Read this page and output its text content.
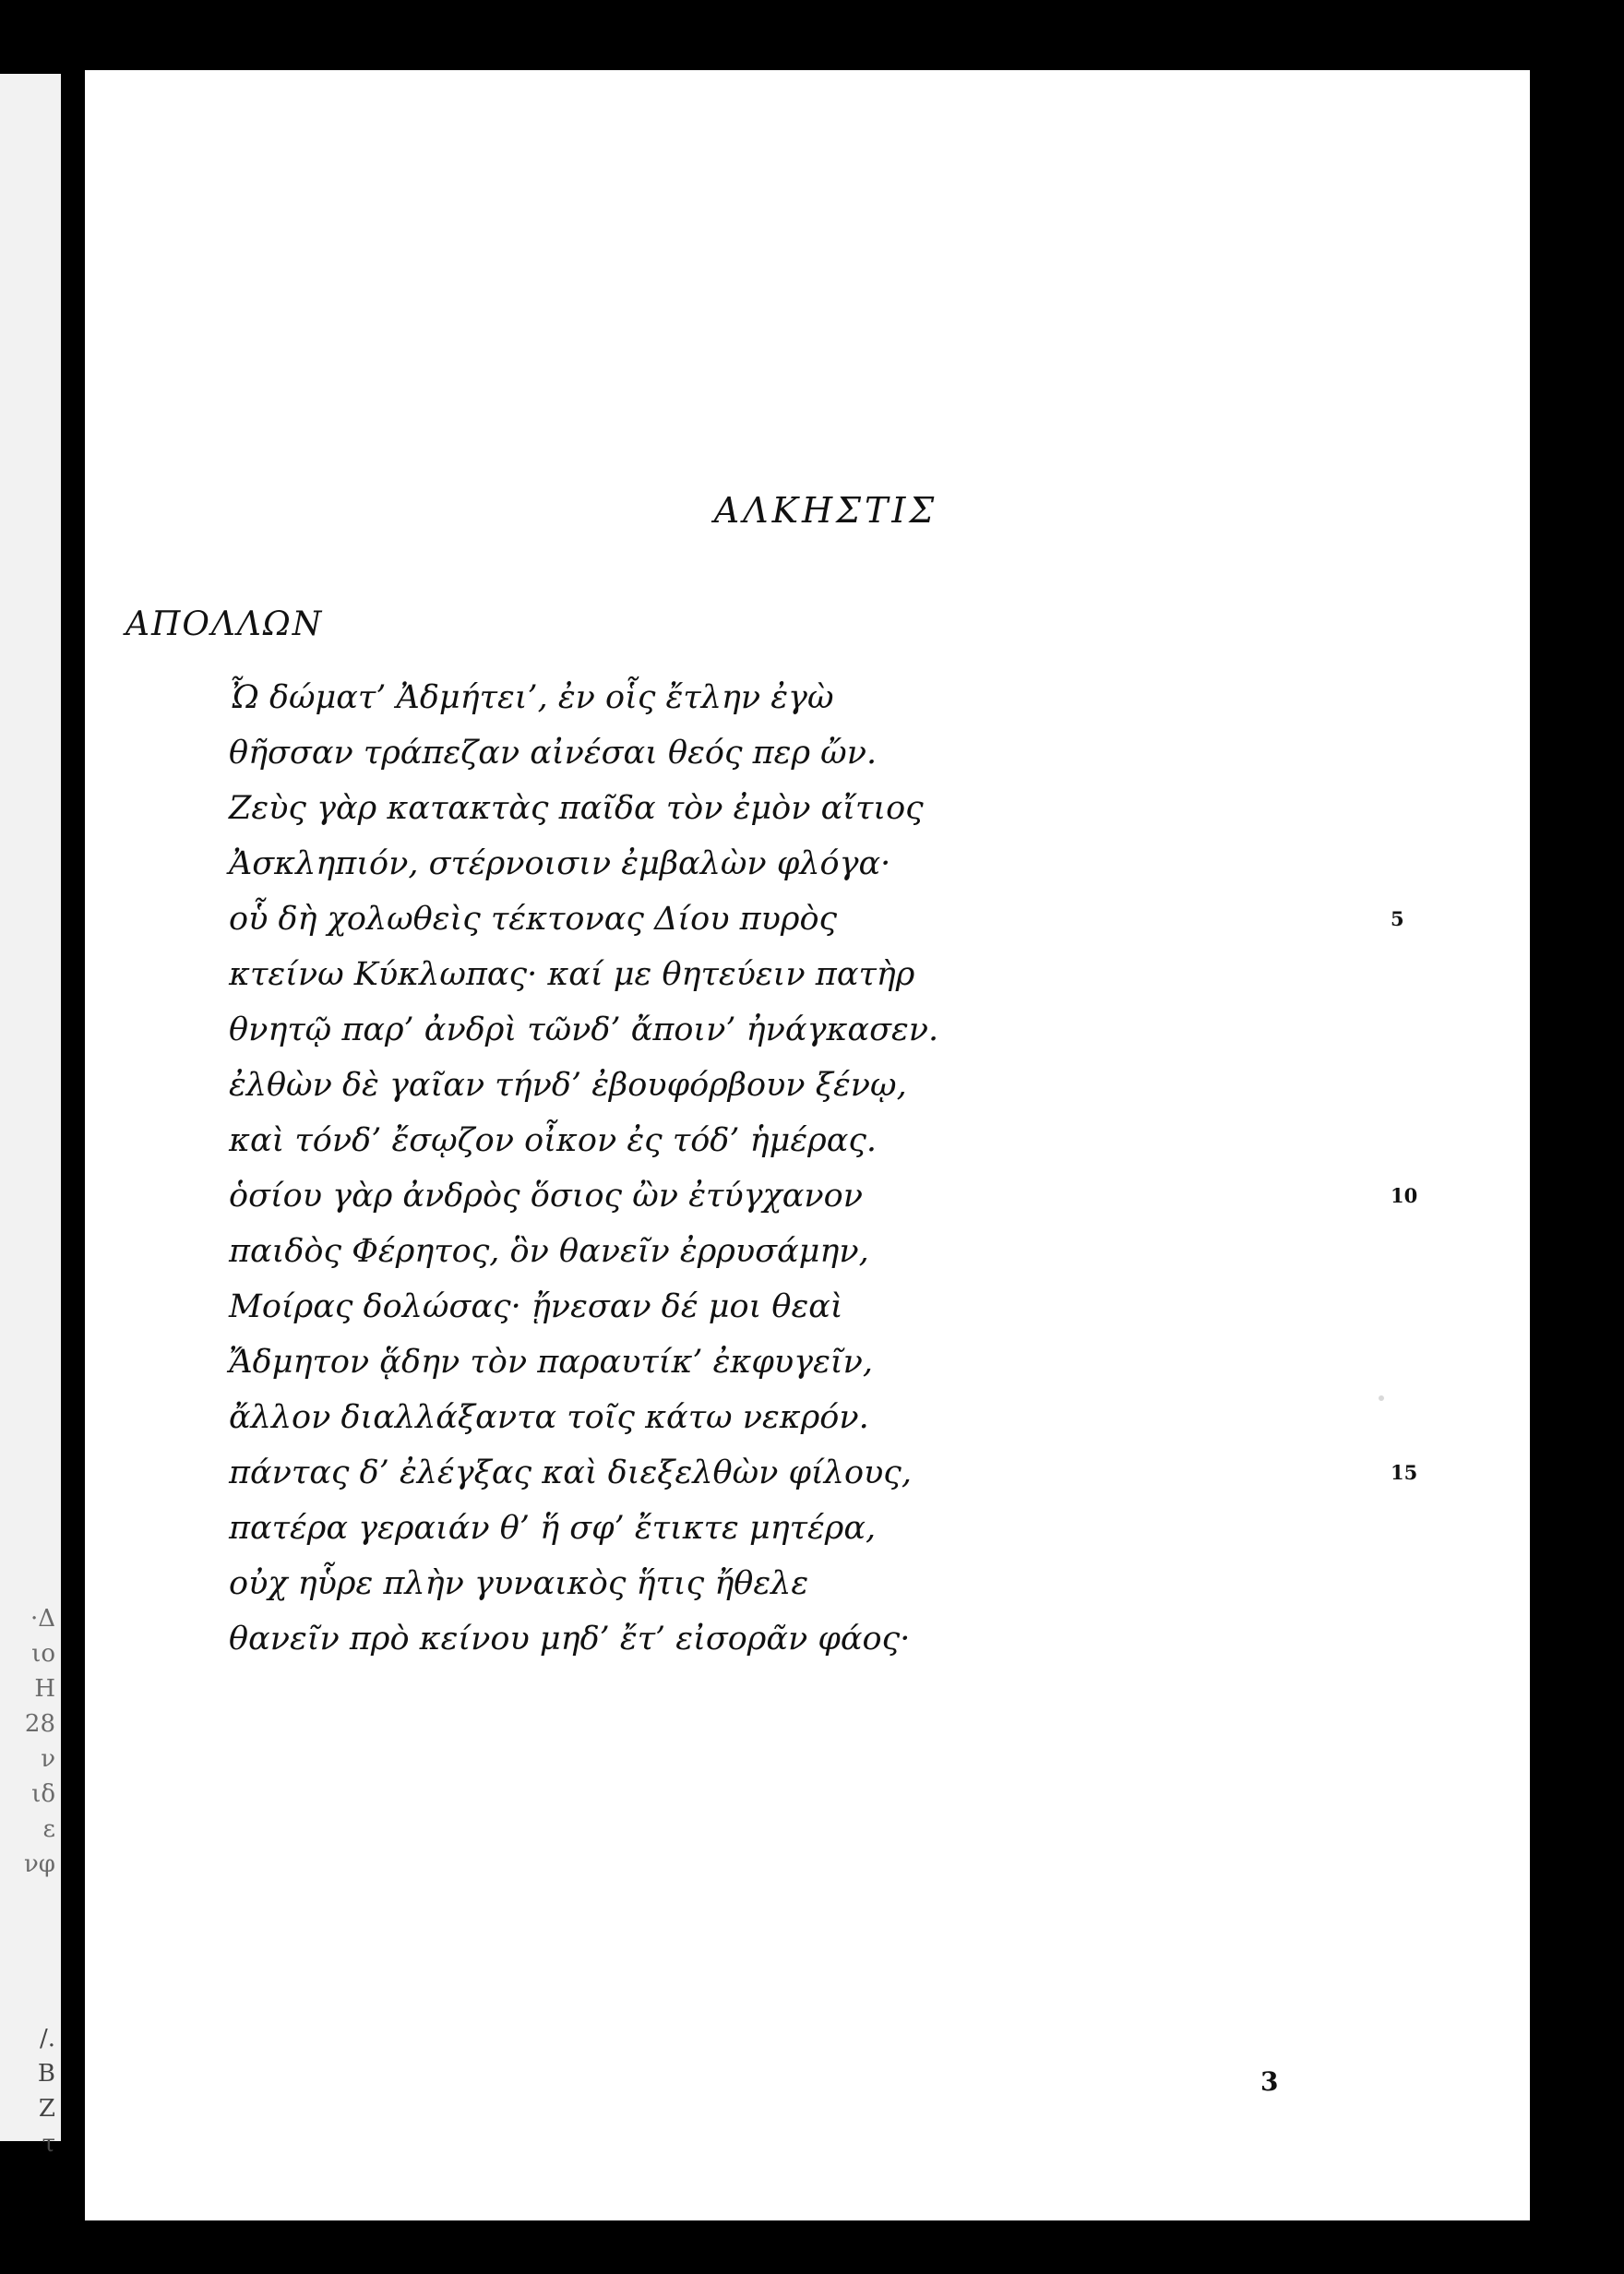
·Δ
ιο
Η
28
ν
ιδ
ε
νφ
/.
Β
Ζ
τ
ΑΛΚΗΣΤΙΣ
ΑΠΟΛΛΩΝ
Ὦ δώματ’ Ἀδμήτει’, ἐν οἷς ἔτλην ἐγὼ
θῆσσαν τράπεζαν αἰνέσαι θεός περ ὤν.
Ζεὺς γὰρ κατακτὰς παῖδα τὸν ἐμὸν αἴτιος
Ἀσκληπιόν, στέρνοισιν ἐμβαλὼν φλόγα·
οὗ δὴ χολωθεὶς τέκτονας Δίου πυρὸς	5
κτείνω Κύκλωπας· καί με θητεύειν πατὴρ
θνητῷ παρ’ ἀνδρὶ τῶνδ’ ἄποιν’ ἠνάγκασεν.
ἐλθὼν δὲ γαῖαν τήνδ’ ἐβουφόρβουν ξένῳ,
καὶ τόνδ’ ἔσῳζον οἶκον ἐς τόδ’ ἡμέρας.
ὁσίου γὰρ ἀνδρὸς ὅσιος ὢν ἐτύγχανον	10
παιδὸς Φέρητος, ὃν θανεῖν ἐρρυσάμην,
Μοίρας δολώσας· ᾔνεσαν δέ μοι θεαὶ
Ἄδμητον ᾅδην τὸν παραυτίκ’ ἐκφυγεῖν,
ἄλλον διαλλάξαντα τοῖς κάτω νεκρόν.
πάντας δ’ ἐλέγξας καὶ διεξελθὼν φίλους,	15
πατέρα γεραιάν θ’ ἥ σφ’ ἔτικτε μητέρα,
οὐχ ηὗρε πλὴν γυναικὸς ἥτις ἤθελε
θανεῖν πρὸ κείνου μηδ’ ἔτ’ εἰσορᾶν φάος·
3
